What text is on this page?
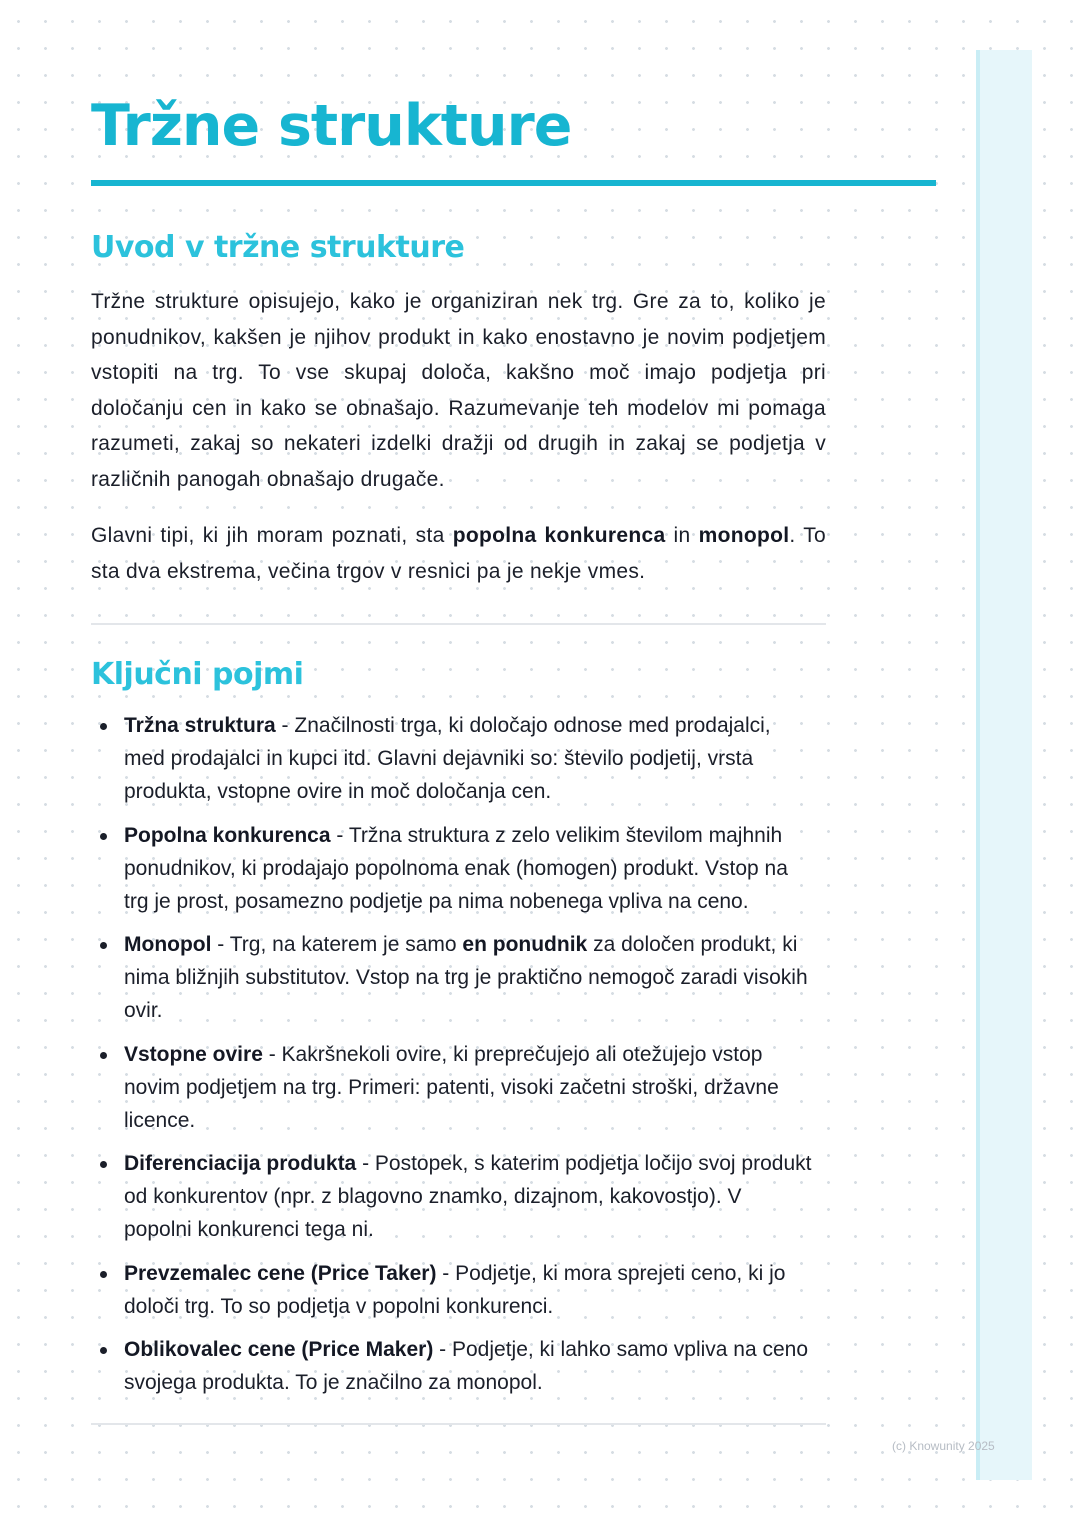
Tržne strukture
Uvod v tržne strukture

Tržne strukture opisujejo, kako je organiziran nek trg. Gre za to, koliko je ponudnikov, kakšen je njihov produkt in kako enostavno je novim podjetjem vstopiti na trg. To vse skupaj določa, kakšno moč imajo podjetja pri določanju cen in kako se obnašajo. Razumevanje teh modelov mi pomaga razumeti, zakaj so nekateri izdelki dražji od drugih in zakaj se podjetja v različnih panogah obnašajo drugače.

Glavni tipi, ki jih moram poznati, sta popolna konkurenca in monopol. To sta dva ekstrema, večina trgov v resnici pa je nekje vmes.

Ključni pojmi
Tržna struktura - Značilnosti trga, ki določajo odnose med prodajalci, med prodajalci in kupci itd. Glavni dejavniki so: število podjetij, vrsta produkta, vstopne ovire in moč določanja cen.
Popolna konkurenca - Tržna struktura z zelo velikim številom majhnih ponudnikov, ki prodajajo popolnoma enak (homogen) produkt. Vstop na trg je prost, posamezno podjetje pa nima nobenega vpliva na ceno.
Monopol - Trg, na katerem je samo en ponudnik za določen produkt, ki nima bližnjih substitutov. Vstop na trg je praktično nemogoč zaradi visokih ovir.
Vstopne ovire - Kakršnekoli ovire, ki preprečujejo ali otežujejo vstop novim podjetjem na trg. Primeri: patenti, visoki začetni stroški, državne licence.
Diferenciacija produkta - Postopek, s katerim podjetja ločijo svoj produkt od konkurentov (npr. z blagovno znamko, dizajnom, kakovostjo). V popolni konkurenci tega ni.
Prevzemalec cene (Price Taker) - Podjetje, ki mora sprejeti ceno, ki jo določi trg. To so podjetja v popolni konkurenci.
Oblikovalec cene (Price Maker) - Podjetje, ki lahko samo vpliva na ceno svojega produkta. To je značilno za monopol.
(c) Knowunity 2025
